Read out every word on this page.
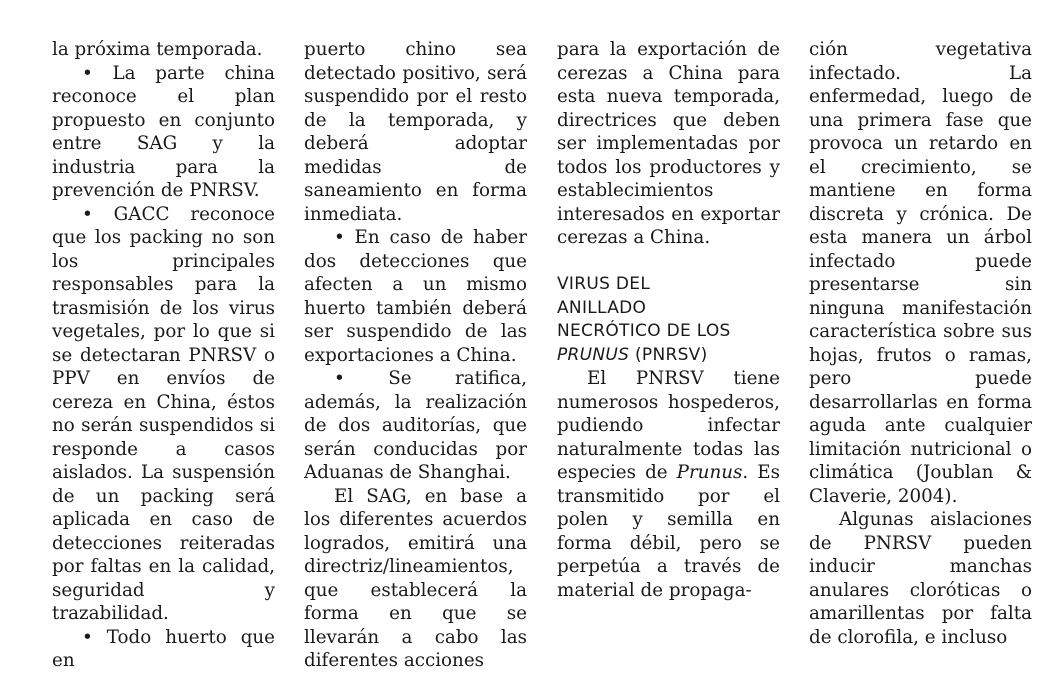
la próxima temporada.

• La parte china reconoce el plan propuesto en conjunto entre SAG y la industria para la prevención de PNRSV.

• GACC reconoce que los packing no son los principales responsables para la trasmisión de los virus vegetales, por lo que si se detectaran PNRSV o PPV en envíos de cereza en China, éstos no serán suspendidos si responde a casos aislados. La suspensión de un packing será aplicada en caso de detecciones reiteradas por faltas en la calidad, seguridad y trazabilidad.

• Todo huerto que en

puerto chino sea detectado positivo, será suspendido por el resto de la temporada, y deberá adoptar medidas de saneamiento en forma inmediata.

• En caso de haber dos detecciones que afecten a un mismo huerto también deberá ser suspendido de las exportaciones a China.

• Se ratifica, además, la realización de dos auditorías, que serán conducidas por Aduanas de Shanghai.

El SAG, en base a los diferentes acuerdos logrados, emitirá una directriz/lineamientos, que establecerá la forma en que se llevarán a cabo las diferentes acciones

para la exportación de cerezas a China para esta nueva temporada, directrices que deben ser implementadas por todos los productores y establecimientos interesados en exportar cerezas a China.

VIRUS DEL
ANILLADO
NECRÓTICO DE LOS
PRUNUS (PNRSV)

El PNRSV tiene numerosos hospederos, pudiendo infectar naturalmente todas las especies de Prunus. Es transmitido por el polen y semilla en forma débil, pero se perpetúa a través de material de propaga-

ción vegetativa infectado. La enfermedad, luego de una primera fase que provoca un retardo en el crecimiento, se mantiene en forma discreta y crónica. De esta manera un árbol infectado puede presentarse sin ninguna manifestación característica sobre sus hojas, frutos o ramas, pero puede desarrollarlas en forma aguda ante cualquier limitación nutricional o climática (Joublan & Claverie, 2004).

Algunas aislaciones de PNRSV pueden inducir manchas anulares cloróticas o amarillentas por falta de clorofila, e incluso
